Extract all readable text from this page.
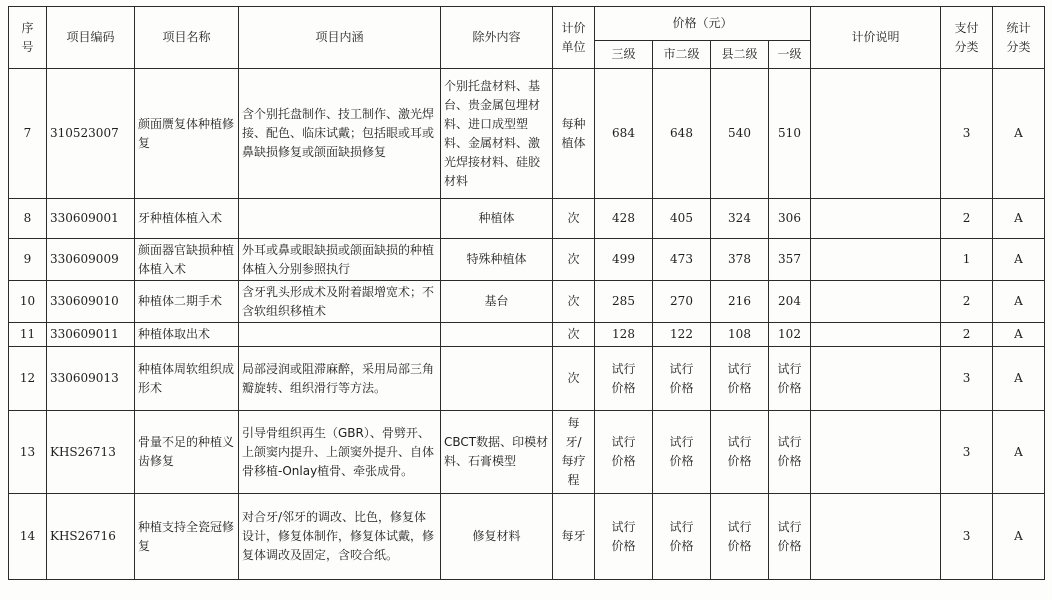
序号	项目编码	项目名称	项目内涵	除外内容	计价单位	价格（元）				计价说明	支付分类	统计分类
						三级	市二级	县二级	一级			
7	310523007	颜面赝复体种植修复	含个别托盘制作、技工制作、激光焊接、配色、临床试戴；包括眼或耳或鼻缺损修复或颌面缺损修复	个别托盘材料、基台、贵金属包埋材料、进口成型塑料、金属材料、激光焊接材料、硅胶材料	每种植体	684	648	540	510		3	A
8	330609001	牙种植体植入术		种植体	次	428	405	324	306		2	A
9	330609009	颜面器官缺损种植体植入术	外耳或鼻或眼缺损或颌面缺损的种植体植入分别参照执行	特殊种植体	次	499	473	378	357		1	A
10	330609010	种植体二期手术	含牙乳头形成术及附着龈增宽术；不含软组织移植术	基台	次	285	270	216	204		2	A
11	330609011	种植体取出术			次	128	122	108	102		2	A
12	330609013	种植体周软组织成形术	局部浸润或阻滞麻醉，采用局部三角瓣旋转、组织滑行等方法。		次	试行价格	试行价格	试行价格	试行价格		3	A
13	KHS26713	骨量不足的种植义齿修复	引导骨组织再生（GBR）、骨劈开、上颌窦内提升、上颌窦外提升、自体骨移植-Onlay植骨、牵张成骨。	CBCT数据、印模材料、石膏模型	每牙/每疗程	试行价格	试行价格	试行价格	试行价格		3	A
14	KHS26716	种植支持全瓷冠修复	对合牙/邻牙的调改、比色，修复体设计，修复体制作，修复体试戴，修复体调改及固定，含咬合纸。	修复材料	每牙	试行价格	试行价格	试行价格	试行价格		3	A
